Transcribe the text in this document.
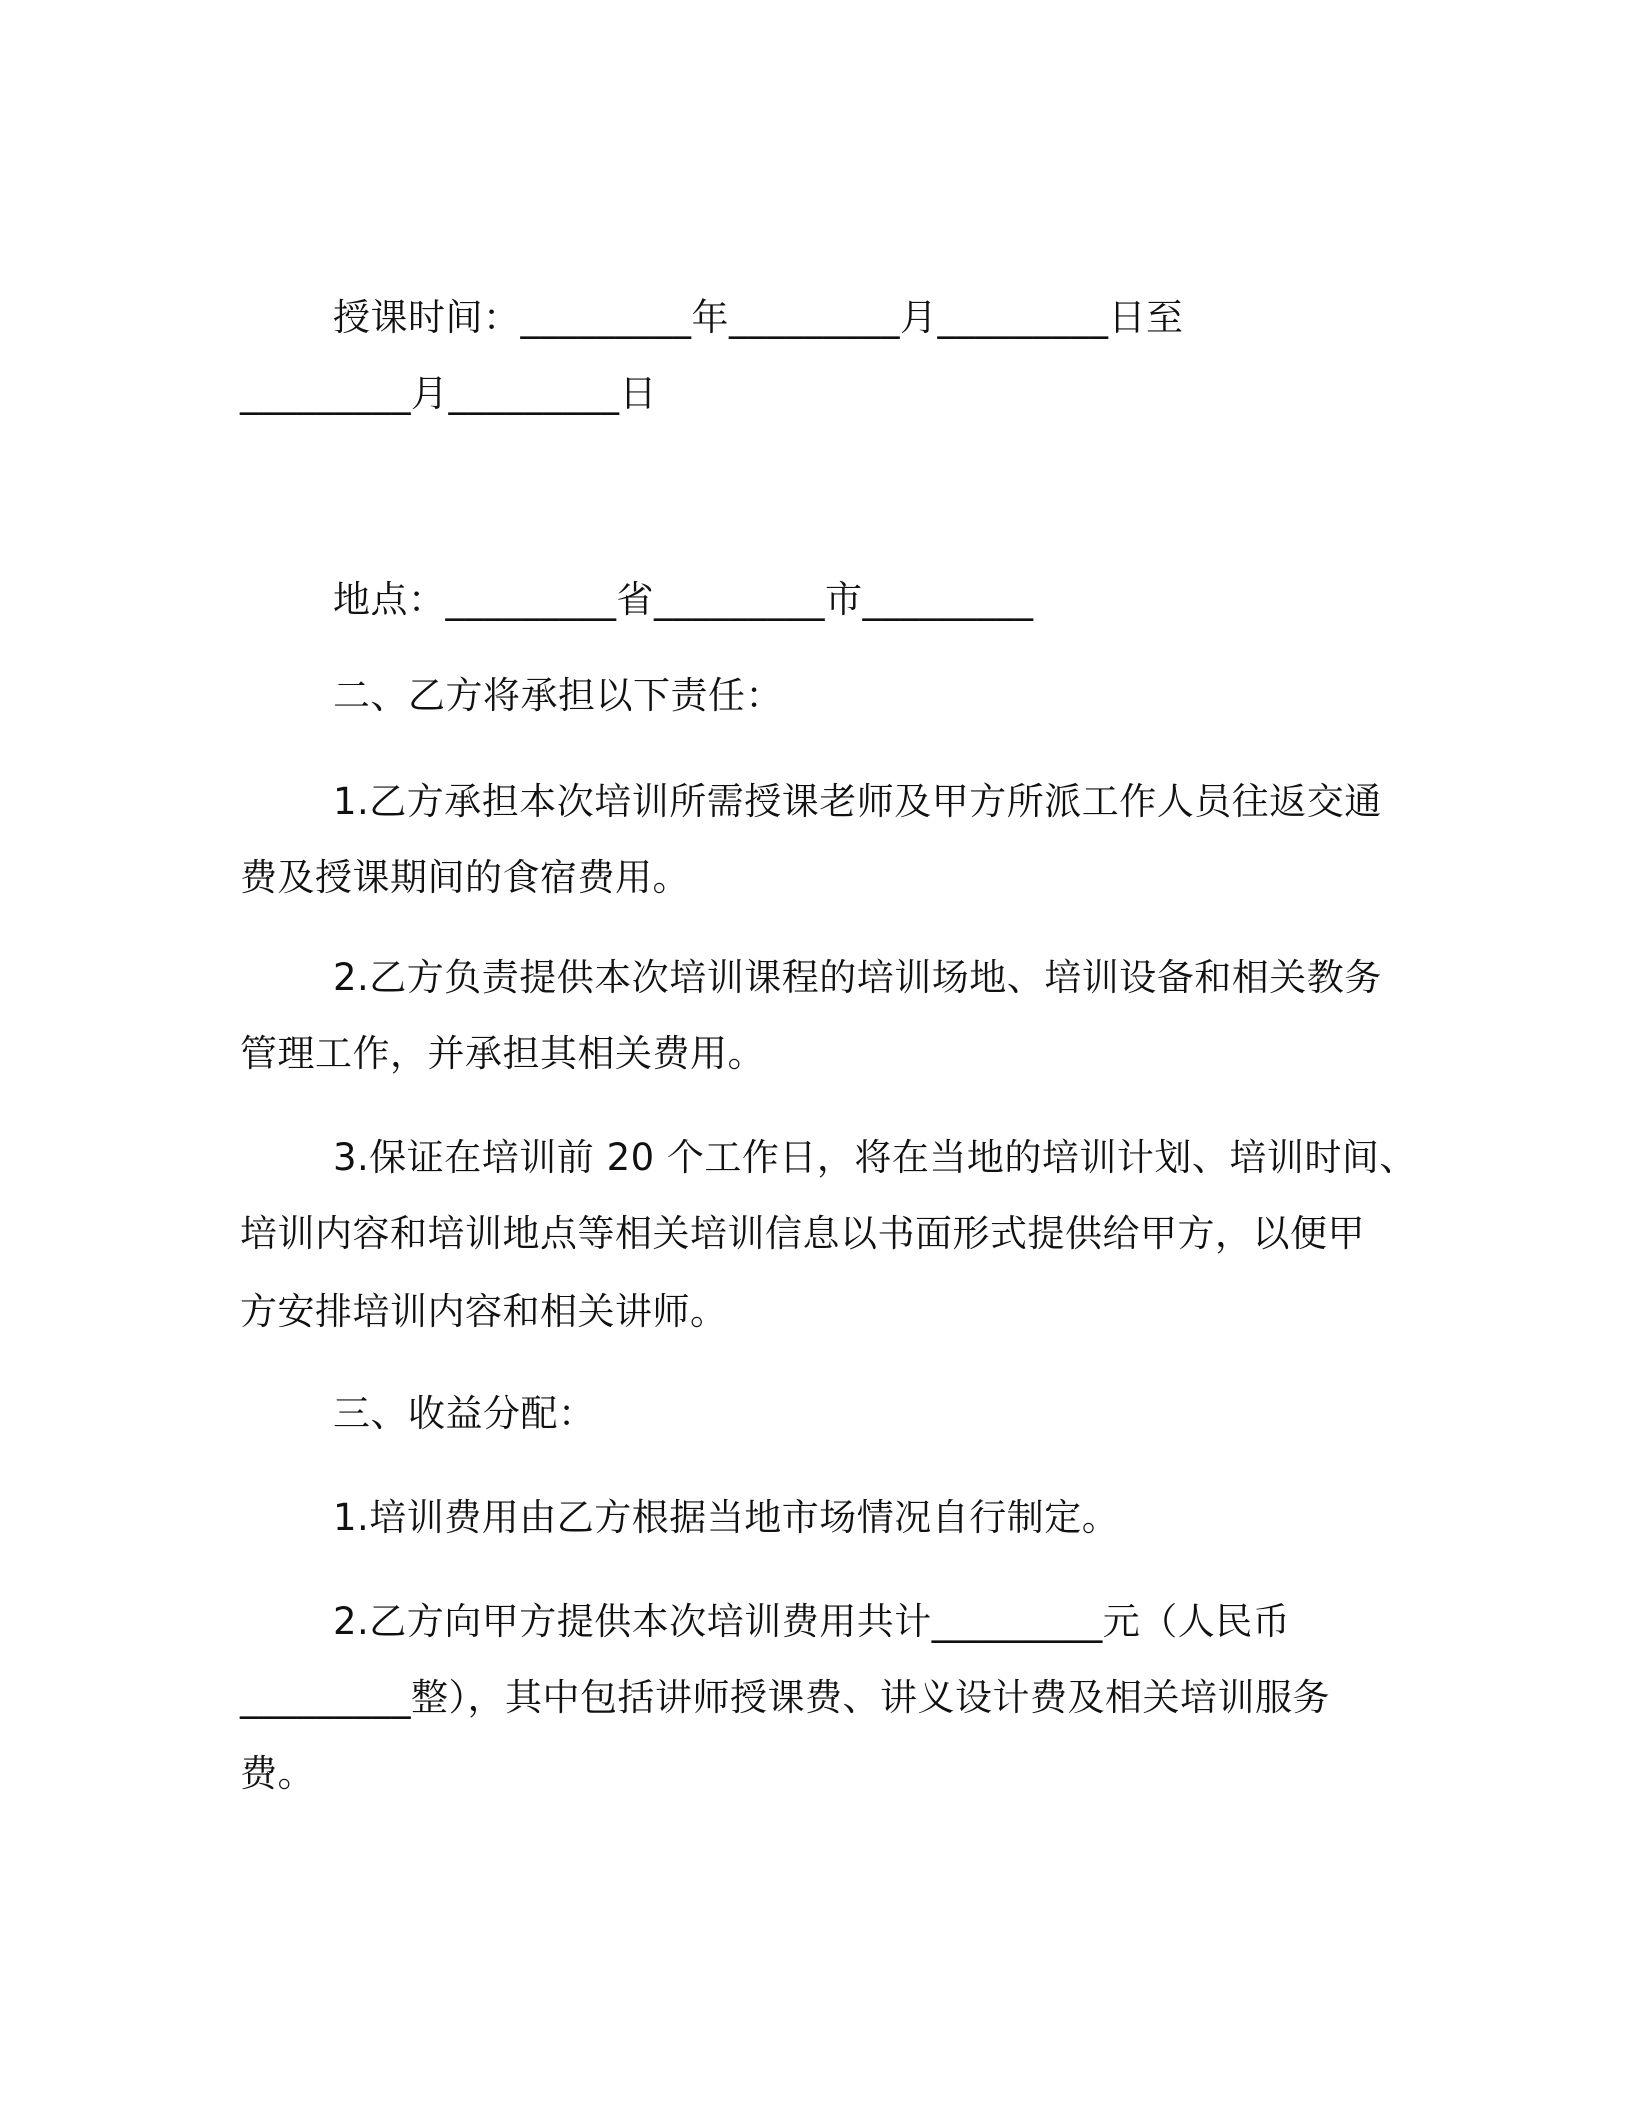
授课时间：_________年_________月_________日至
_________月_________日
地点：_________省_________市_________
二、乙方将承担以下责任：
1.乙方承担本次培训所需授课老师及甲方所派工作人员往返交通
费及授课期间的食宿费用。
2.乙方负责提供本次培训课程的培训场地、培训设备和相关教务
管理工作，并承担其相关费用。
3.保证在培训前 20 个工作日，将在当地的培训计划、培训时间、
培训内容和培训地点等相关培训信息以书面形式提供给甲方，以便甲
方安排培训内容和相关讲师。
三、收益分配：
1.培训费用由乙方根据当地市场情况自行制定。
2.乙方向甲方提供本次培训费用共计_________元（人民币
_________整），其中包括讲师授课费、讲义设计费及相关培训服务
费。
